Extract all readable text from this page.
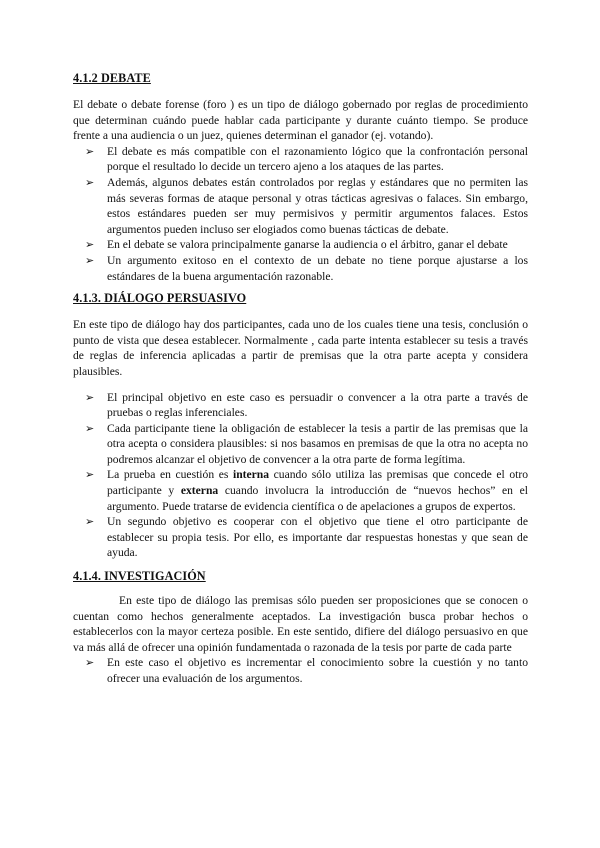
4.1.2 DEBATE

El debate o debate forense (foro ) es un tipo de diálogo gobernado por reglas de procedimiento que determinan cuándo puede hablar cada participante y durante cuánto tiempo. Se produce frente a una audiencia o un juez, quienes determinan el ganador (ej. votando).

➢ El debate es más compatible con el razonamiento lógico que la confrontación personal porque el resultado lo decide un tercero ajeno a los ataques de las partes.
➢ Además, algunos debates están controlados por reglas y estándares que no permiten las más severas formas de ataque personal y otras tácticas agresivas o falaces. Sin embargo, estos estándares pueden ser muy permisivos y permitir argumentos falaces. Estos argumentos pueden incluso ser elogiados como buenas tácticas de debate.
➢ En el debate se valora principalmente ganarse la audiencia o el árbitro, ganar el debate
➢ Un argumento exitoso en el contexto de un debate no tiene porque ajustarse a los estándares de la buena argumentación razonable.
4.1.3. DIÁLOGO PERSUASIVO

En este tipo de diálogo hay dos participantes, cada uno de los cuales tiene una tesis, conclusión o punto de vista que desea establecer. Normalmente , cada parte intenta establecer su tesis a través de reglas de inferencia aplicadas a partir de premisas que la otra parte acepta y considera plausibles.

➢ El principal objetivo en este caso es persuadir o convencer a la otra parte a través de pruebas o reglas inferenciales.
➢ Cada participante tiene la obligación de establecer la tesis a partir de las premisas que la otra acepta o considera plausibles: si nos basamos en premisas de que la otra no acepta no podremos alcanzar el objetivo de convencer a la otra parte de forma legítima.
➢ La prueba en cuestión es interna cuando sólo utiliza las premisas que concede el otro participante y externa cuando involucra la introducción de “nuevos hechos” en el argumento. Puede tratarse de evidencia científica o de apelaciones a grupos de expertos.
➢ Un segundo objetivo es cooperar con el objetivo que tiene el otro participante de establecer su propia tesis. Por ello, es importante dar respuestas honestas y que sean de ayuda.
4.1.4. INVESTIGACIÓN

En este tipo de diálogo las premisas sólo pueden ser proposiciones que se conocen o cuentan como hechos generalmente aceptados. La investigación busca probar hechos o establecerlos con la mayor certeza posible. En este sentido, difiere del diálogo persuasivo en que va más allá de ofrecer una opinión fundamentada o razonada de la tesis por parte de cada parte

➢ En este caso el objetivo es incrementar el conocimiento sobre la cuestión y no tanto ofrecer una evaluación de los argumentos.
